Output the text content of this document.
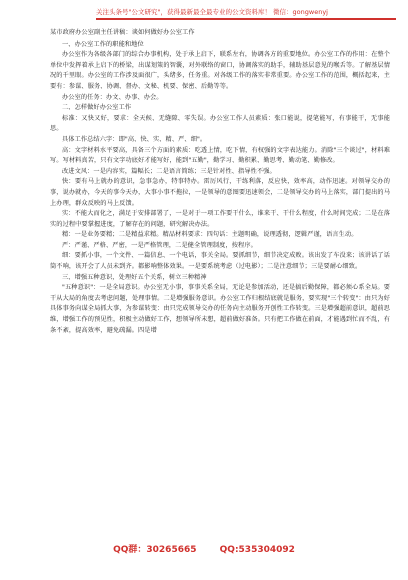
关注头条号"公文研究"，获得最新最全最专业的公文资料库！ 微信：gongwenyj

某市政府办公室副主任讲稿：谈如何做好办公室工作

一、办公室工作的职能和地位

办公室作为各级各部门的综合办事机构，处于承上启下，联系左右，协调各方的重要地位。办公室工作的作用：在整个单位中发挥着承上启下的桥梁，出谋划策的智囊，对外联络的窗口，协调落实的助手，辅助基层意见的喉舌等。了解基层情况的千里眼。办公室的工作涉及面很广，头绪多，任务重。对各级工作的落实非常重要。办公室工作的范围，概括起来，主要有：参谋、服务、协调、督办、文秘、机要、保密、后勤等等。

办公室的任务：办文、办事、办会。

二、怎样做好办公室工作

标准：又快又好，要求：全天候、无缝隙、零失误。办公室工作人员素质：张口能说，提笔能写，有事能干，无事能思。

具体工作总结六字：即"高、快、实、精、严、细"。

高：文字材料水平要高，具备三个方面的素质：吃透上情，吃下情，有权强的文字表达能力。消除"三个谈过"，材料难写。写材料真苦，只有文字功底好才能写好，能到"五勤"，勤学习、勤积累、勤思考、勤动笔、勤修改。

改进文风：一是内容实，篇幅长；二是语言简练；三是针对性、指导性不强。

快：要有马上就办的意识，急事急办，特事特办。雷厉风行，干练利落，反应快，效率高，动作迅速。对领导交办的事，说办就办，今天的事今天办，大事小事不拖拉，一是领导的意图要迅速领会，二是领导交办的马上落实，部门提出的马上办理，群众反映的马上反馈。

实：不能大而化之，满足于安排部署了，一是对于一项工作要干什么，谁来干、干什么程度，什么时间完成；二是在落实的过程中要掌握进度，了解存在的问题，研究解决办法。

精：一是业务要精；二是精益求精。精品材料要求：四句话：主题明确，说理透彻，逻辑严谨，语言生动。

严：严谨、严格、严密，一是严格管理，二是健全管理制度，按程序。

细：要抓小事，一个文件、一篇信息、一个电话，事关全局。要抓细节，细节决定成败。该出发了车没来；该讲话了话筒不响，该开会了人员未到齐。都影响整体效果。一是要系统考虑（过电影）；二是注意细节；三是要耐心细致。

三、增强五种意识，处理好五个关系，树立三种精神

"五种意识"：一是全局意识。办公室无小事，事事关系全局，无论是参加活动，还是搞后勤保障，都必须心系全局。要干从大局的角度去考虑问题，处理事情。二是增强服务意识。办公室工作归根结底就是服务，要实现"三个转变"：由只为好具体事务向谋全局抓大事，为参谋转变：由只完成领导交办的任务向主动服务开创性工作转变。三是增强超前意识，超前思维，增强工作的预见性，积极主动做好工作，想领导所未想，超前做好准备。只有把工作做在前面，才能遇到忙而不乱，有条不紊，提高效率，避免疏漏。四是增

QQ群：30265665	QQ:535304092
